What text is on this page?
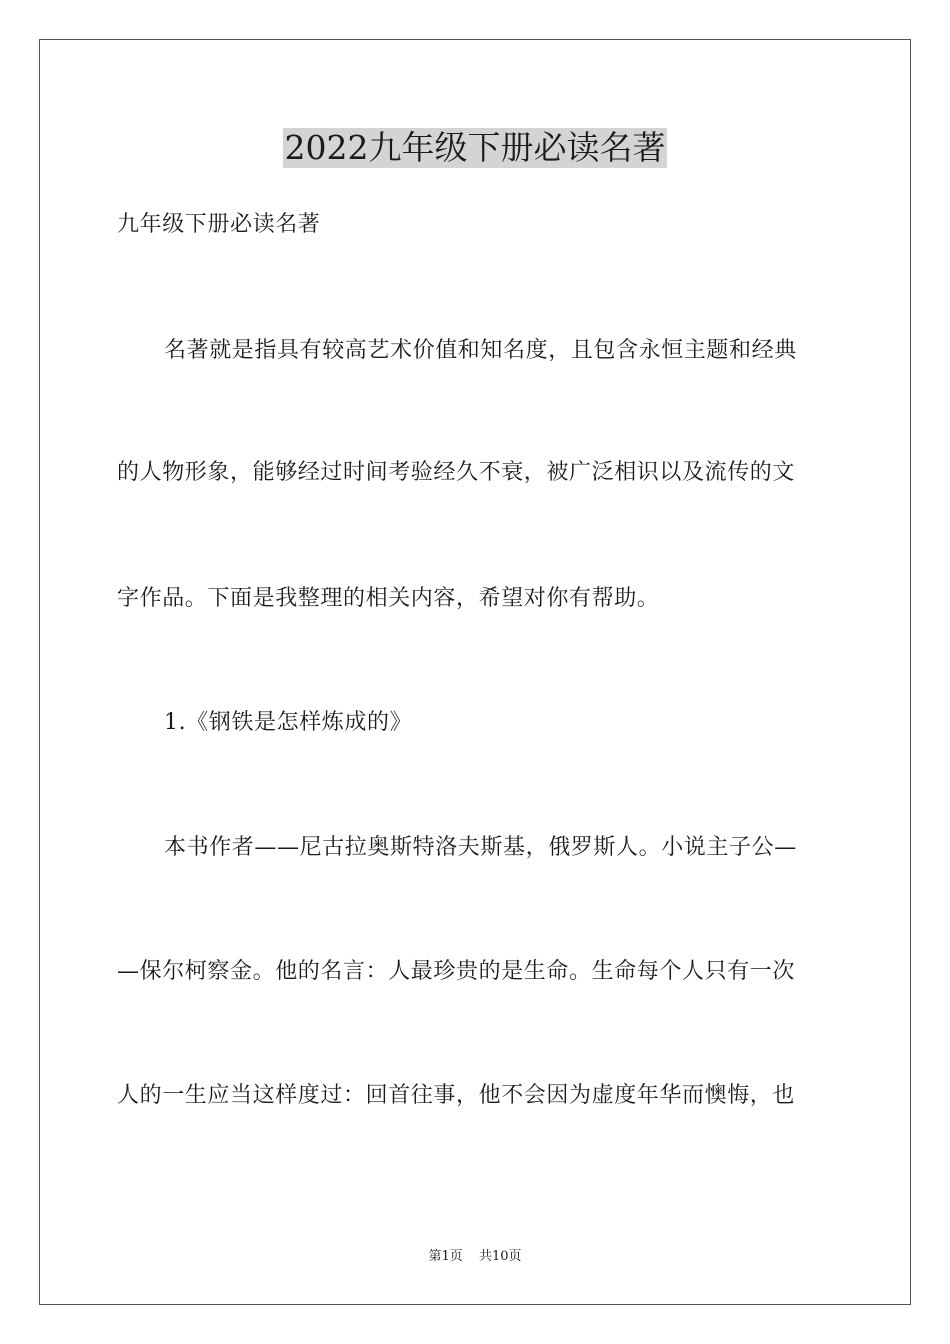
2022九年级下册必读名著
九年级下册必读名著
名著就是指具有较高艺术价值和知名度，且包含永恒主题和经典
的人物形象，能够经过时间考验经久不衰，被广泛相识以及流传的文
字作品。下面是我整理的相关内容，希望对你有帮助。
1.《钢铁是怎样炼成的》
本书作者——尼古拉奥斯特洛夫斯基，俄罗斯人。小说主子公—
—保尔柯察金。他的名言：人最珍贵的是生命。生命每个人只有一次
人的一生应当这样度过：回首往事，他不会因为虚度年华而懊悔，也
第1页 共10页
